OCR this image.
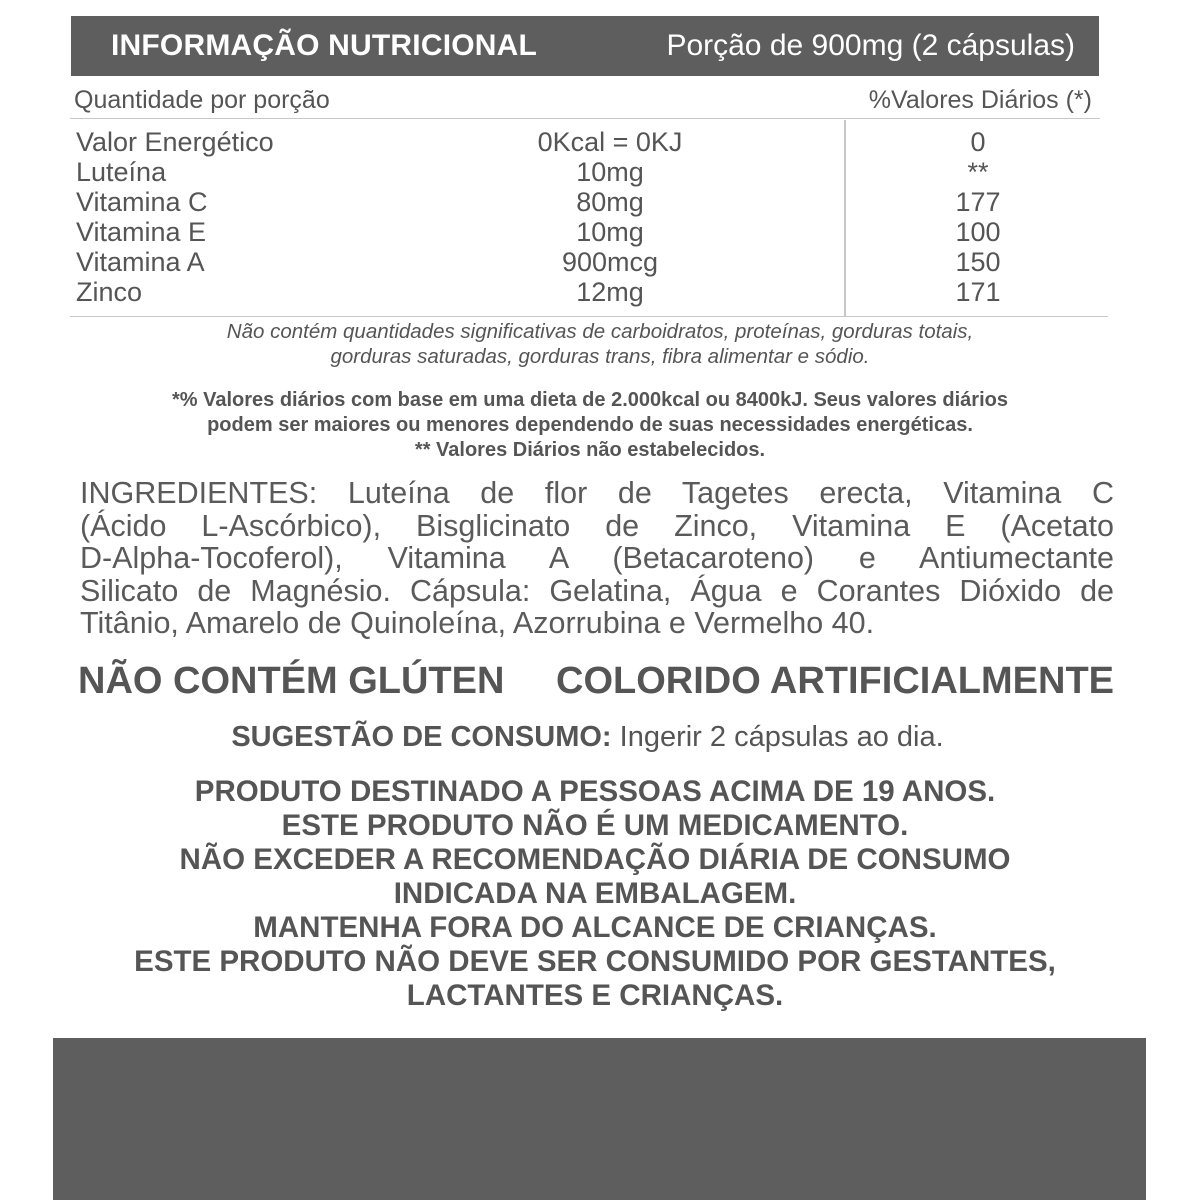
INFORMAÇÃO NUTRICIONAL	Porção de 900mg (2 cápsulas)
Quantidade por porção	%Valores Diários (*)
Valor Energético	0Kcal = 0KJ	0
Luteína	10mg	**
Vitamina C	80mg	177
Vitamina E	10mg	100
Vitamina A	900mcg	150
Zinco	12mg	171
Não contém quantidades significativas de carboidratos, proteínas, gorduras totais,
gorduras saturadas, gorduras trans, fibra alimentar e sódio.
*% Valores diários com base em uma dieta de 2.000kcal ou 8400kJ. Seus valores diários
podem ser maiores ou menores dependendo de suas necessidades energéticas.
** Valores Diários não estabelecidos.
INGREDIENTES: Luteína de flor de Tagetes erecta, Vitamina C
(Ácido L-Ascórbico), Bisglicinato de Zinco, Vitamina E (Acetato
D-Alpha-Tocoferol), Vitamina A (Betacaroteno) e Antiumectante
Silicato de Magnésio. Cápsula: Gelatina, Água e Corantes Dióxido de
Titânio, Amarelo de Quinoleína, Azorrubina e Vermelho 40.
NÃO CONTÉM GLÚTEN COLORIDO ARTIFICIALMENTE
SUGESTÃO DE CONSUMO: Ingerir 2 cápsulas ao dia.
PRODUTO DESTINADO A PESSOAS ACIMA DE 19 ANOS.
ESTE PRODUTO NÃO É UM MEDICAMENTO.
NÃO EXCEDER A RECOMENDAÇÃO DIÁRIA DE CONSUMO
INDICADA NA EMBALAGEM.
MANTENHA FORA DO ALCANCE DE CRIANÇAS.
ESTE PRODUTO NÃO DEVE SER CONSUMIDO POR GESTANTES,
LACTANTES E CRIANÇAS.
